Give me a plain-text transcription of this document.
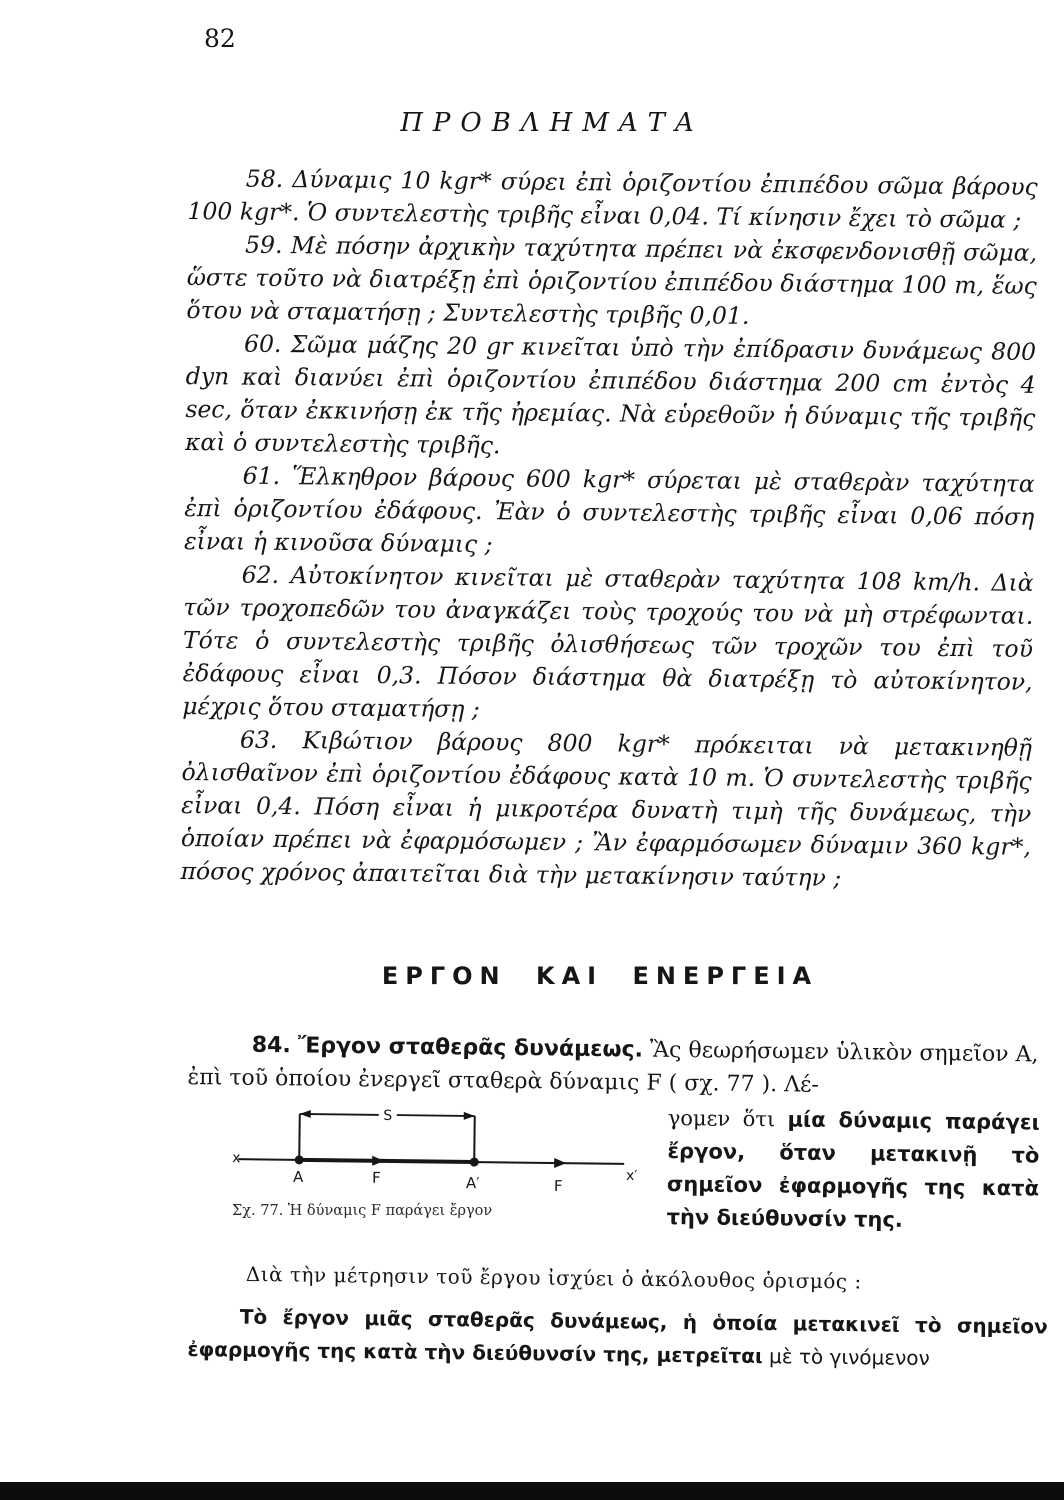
82
ΠΡΟΒΛΗΜΑΤΑ

58. Δύναμις 10 kgr* σύρει ἐπὶ ὁριζοντίου ἐπιπέδου σῶμα βάρους 100 kgr*. Ὁ συντελεστὴς τριβῆς εἶναι 0,04. Τί κίνησιν ἔχει τὸ σῶμα ;

59. Μὲ πόσην ἀρχικὴν ταχύτητα πρέπει νὰ ἐκσφενδονισθῇ σῶμα, ὥστε τοῦτο νὰ διατρέξῃ ἐπὶ ὁριζοντίου ἐπιπέδου διάστημα 100 m, ἕως ὅτου νὰ σταματήσῃ ; Συντελεστὴς τριβῆς 0,01.

60. Σῶμα μάζης 20 gr κινεῖται ὑπὸ τὴν ἐπίδρασιν δυνάμεως 800 dyn καὶ διανύει ἐπὶ ὁριζοντίου ἐπιπέδου διάστημα 200 cm ἐντὸς 4 sec, ὅταν ἐκκινήσῃ ἐκ τῆς ἠρεμίας. Νὰ εὑρεθοῦν ἡ δύναμις τῆς τριβῆς καὶ ὁ συντελεστὴς τριβῆς.

61. Ἕλκηθρον βάρους 600 kgr* σύρεται μὲ σταθερὰν ταχύτητα ἐπὶ ὁριζοντίου ἐδάφους. Ἐὰν ὁ συντελεστὴς τριβῆς εἶναι 0,06 πόση εἶναι ἡ κινοῦσα δύναμις ;

62. Αὐτοκίνητον κινεῖται μὲ σταθερὰν ταχύτητα 108 km/h. Διὰ τῶν τροχοπεδῶν του ἀναγκάζει τοὺς τροχούς του νὰ μὴ στρέφωνται. Τότε ὁ συντελεστὴς τριβῆς ὀλισθήσεως τῶν τροχῶν του ἐπὶ τοῦ ἐδάφους εἶναι 0,3. Πόσον διάστημα θὰ διατρέξῃ τὸ αὐτοκίνητον, μέχρις ὅτου σταματήσῃ ;

63. Κιβώτιον βάρους 800 kgr* πρόκειται νὰ μετακινηθῇ ὀλισθαῖνον ἐπὶ ὁριζοντίου ἐδάφους κατὰ 10 m. Ὁ συντελεστὴς τριβῆς εἶναι 0,4. Πόση εἶναι ἡ μικροτέρα δυνατὴ τιμὴ τῆς δυνάμεως, τὴν ὁποίαν πρέπει νὰ ἐφαρμόσωμεν ; Ἂν ἐφαρμόσωμεν δύναμιν 360 kgr*, πόσος χρόνος ἀπαιτεῖται διὰ τὴν μετακίνησιν ταύτην ;

ΕΡΓΟΝ ΚΑΙ ΕΝΕΡΓΕΙΑ
84. Ἔργον σταθερᾶς δυνάμεως. Ἂς θεωρήσωμεν ὑλικὸν σημεῖον A, ἐπὶ τοῦ ὁποίου ἐνεργεῖ σταθερὰ δύναμις F ( σχ. 77 ). Λέ-
S
x
x′
A	F	A′	F
Σχ. 77. Ἡ δύναμις F παράγει ἔργον
γομεν ὅτι μία δύναμις παράγει ἔργον, ὅταν μετακινῇ τὸ σημεῖον ἐφαρμογῆς της κατὰ τὴν διεύθυνσίν της.
Διὰ τὴν μέτρησιν τοῦ ἔργου ἰσχύει ὁ ἀκόλουθος ὁρισμός :

Τὸ ἔργον μιᾶς σταθερᾶς δυνάμεως, ἡ ὁποία μετακινεῖ τὸ σημεῖον ἐφαρμογῆς της κατὰ τὴν διεύθυνσίν της, μετρεῖται μὲ τὸ γινόμενον
